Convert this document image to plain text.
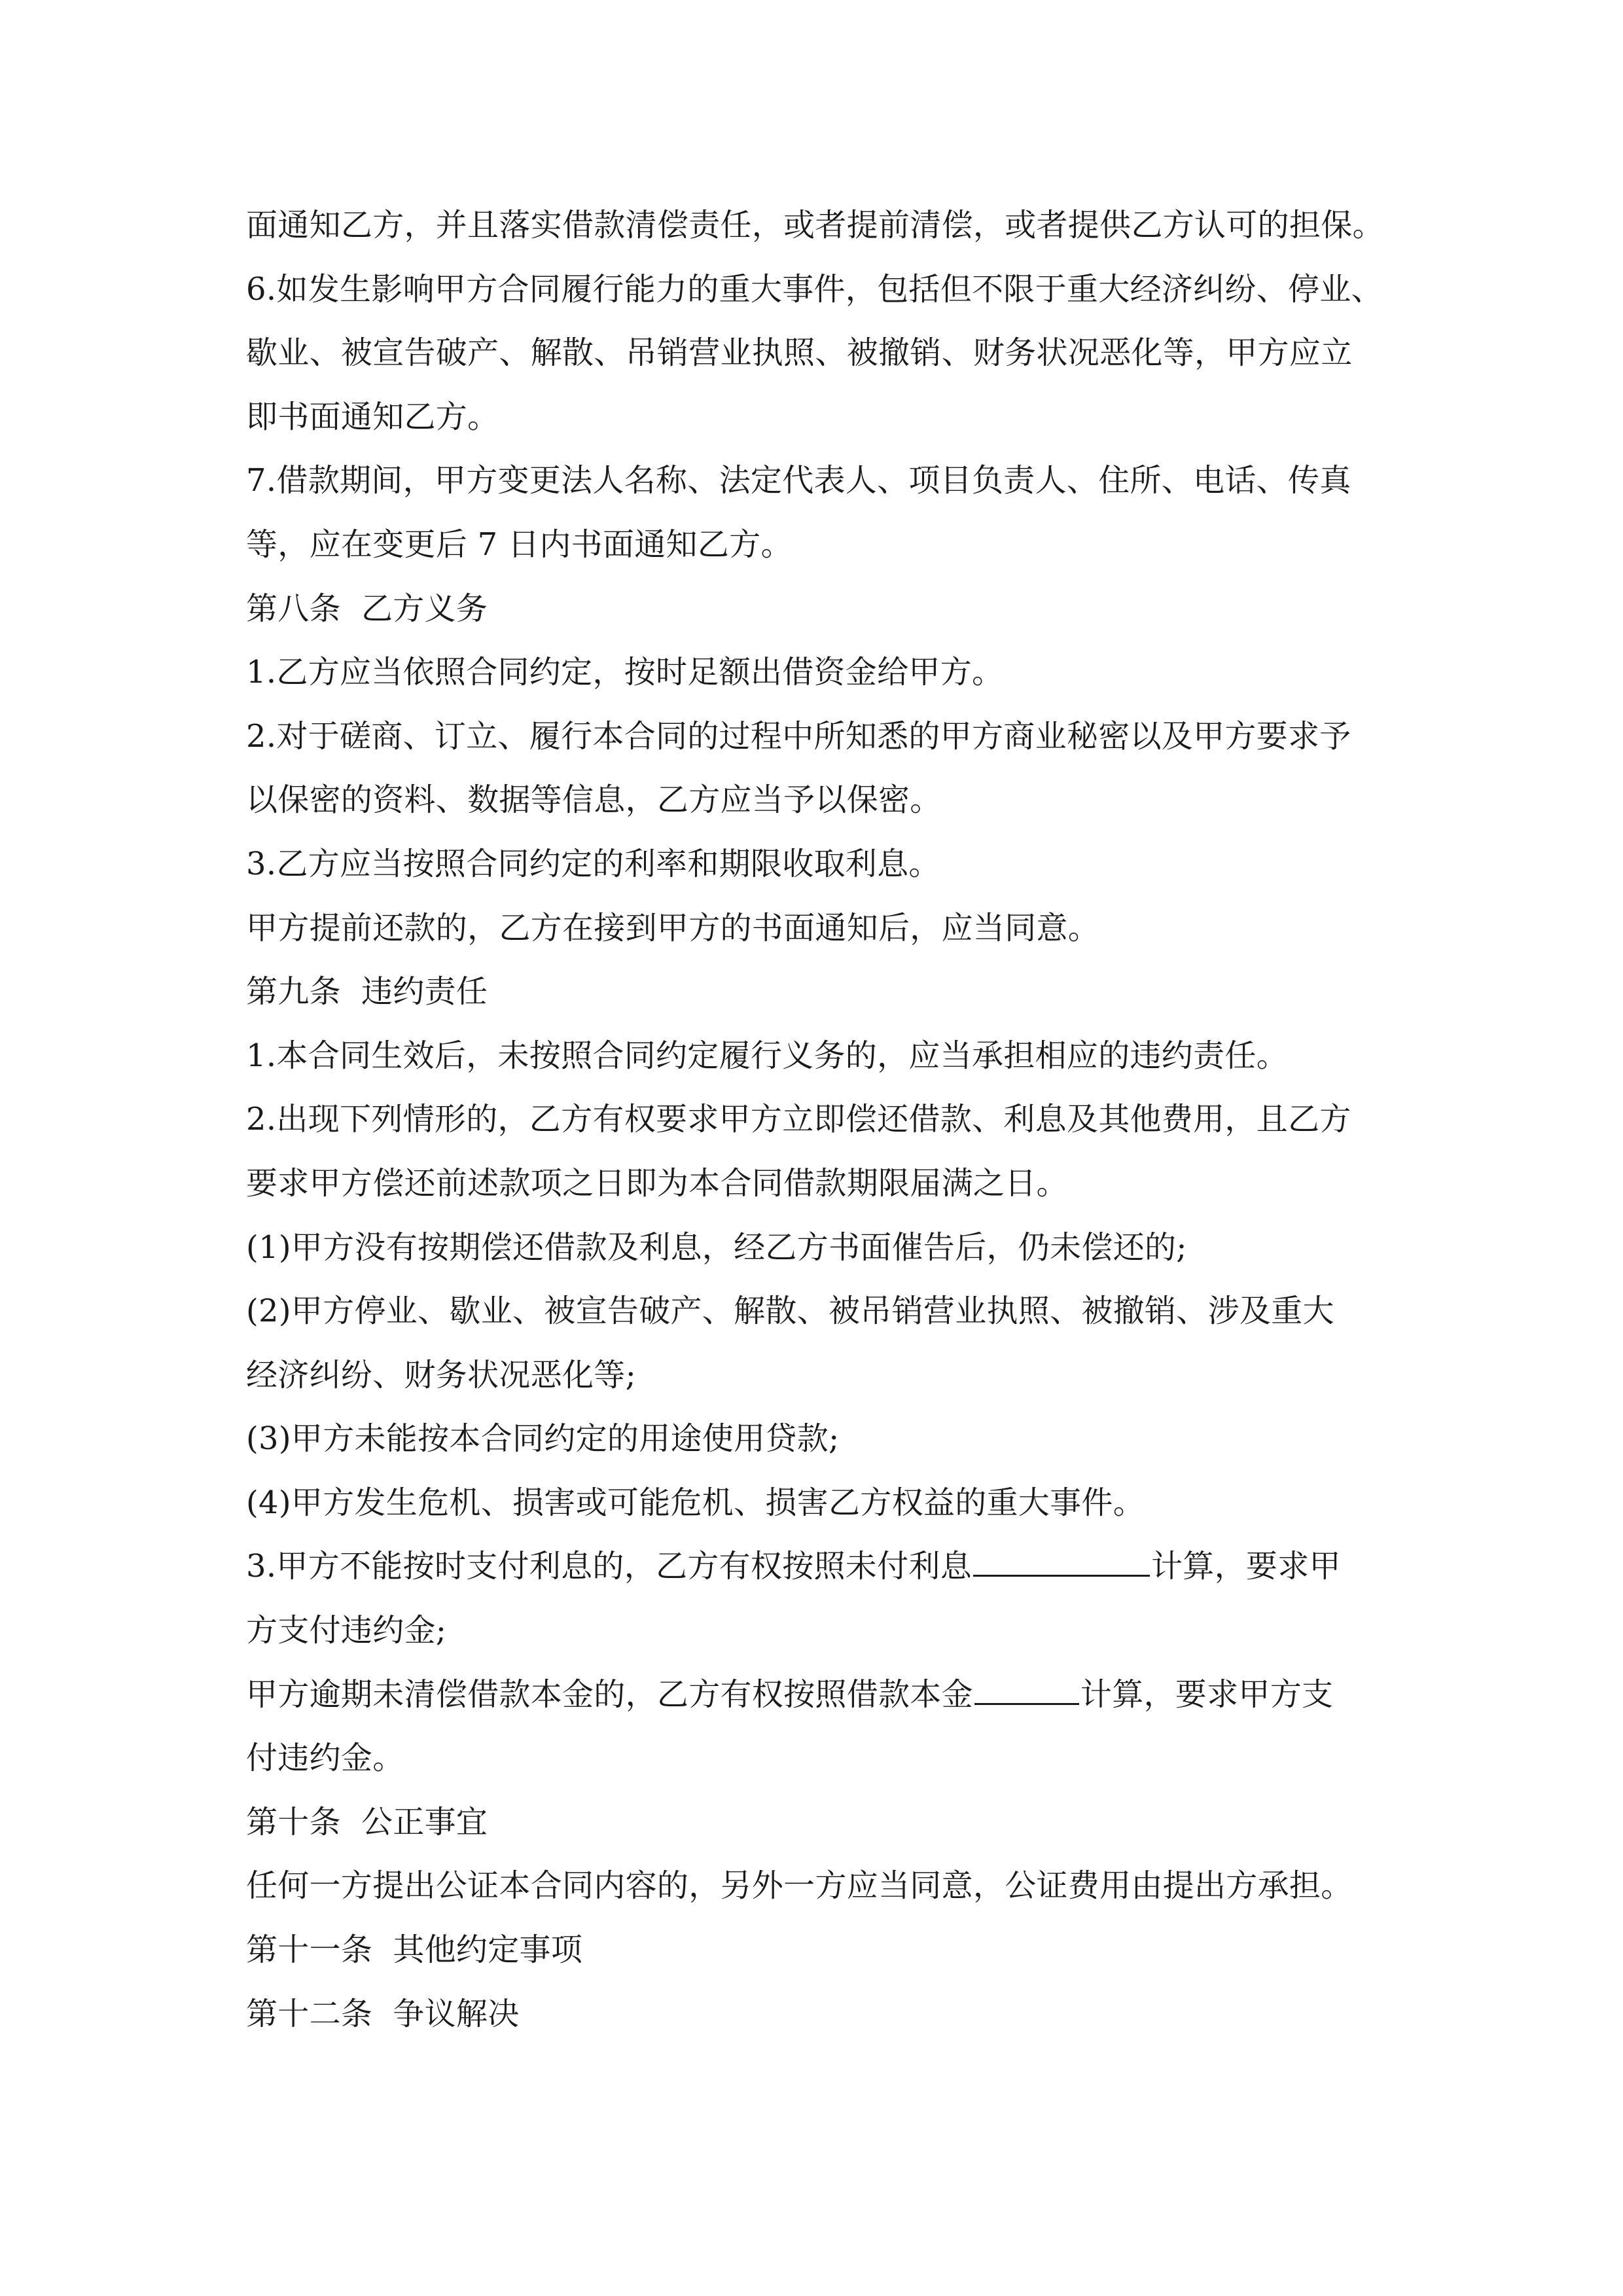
面通知乙方，并且落实借款清偿责任，或者提前清偿，或者提供乙方认可的担保。
6.如发生影响甲方合同履行能力的重大事件，包括但不限于重大经济纠纷、停业、
歇业、被宣告破产、解散、吊销营业执照、被撤销、财务状况恶化等，甲方应立
即书面通知乙方。
7.借款期间，甲方变更法人名称、法定代表人、项目负责人、住所、电话、传真
等，应在变更后 7 日内书面通知乙方。
第八条  乙方义务
1.乙方应当依照合同约定，按时足额出借资金给甲方。
2.对于磋商、订立、履行本合同的过程中所知悉的甲方商业秘密以及甲方要求予
以保密的资料、数据等信息，乙方应当予以保密。
3.乙方应当按照合同约定的利率和期限收取利息。
甲方提前还款的，乙方在接到甲方的书面通知后，应当同意。
第九条  违约责任
1.本合同生效后，未按照合同约定履行义务的，应当承担相应的违约责任。
2.出现下列情形的，乙方有权要求甲方立即偿还借款、利息及其他费用，且乙方
要求甲方偿还前述款项之日即为本合同借款期限届满之日。
(1)甲方没有按期偿还借款及利息，经乙方书面催告后，仍未偿还的;
(2)甲方停业、歇业、被宣告破产、解散、被吊销营业执照、被撤销、涉及重大
经济纠纷、财务状况恶化等;
(3)甲方未能按本合同约定的用途使用贷款;
(4)甲方发生危机、损害或可能危机、损害乙方权益的重大事件。
3.甲方不能按时支付利息的，乙方有权按照未付利息	计算，要求甲
方支付违约金;
甲方逾期未清偿借款本金的，乙方有权按照借款本金	计算，要求甲方支
付违约金。
第十条  公正事宜
任何一方提出公证本合同内容的，另外一方应当同意，公证费用由提出方承担。
第十一条  其他约定事项
第十二条  争议解决
